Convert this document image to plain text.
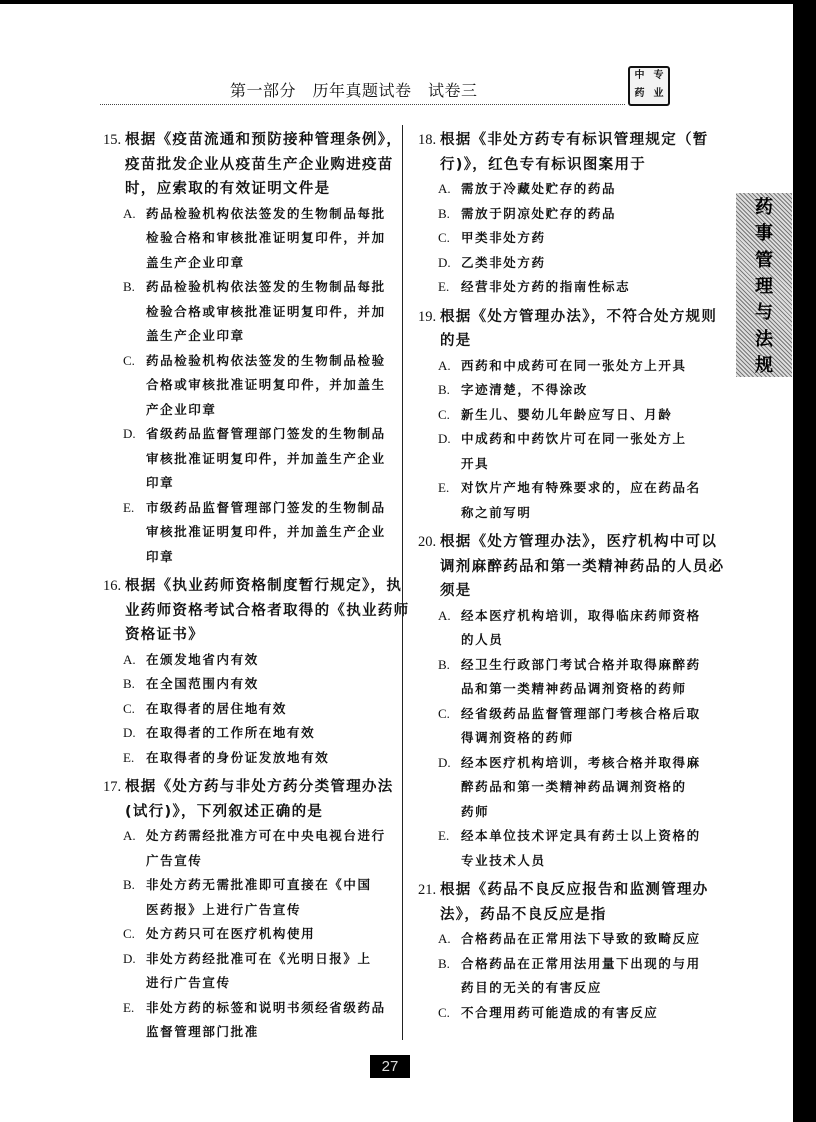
第一部分　历年真题试卷　试卷三
中 专
药 业
15. 根据《疫苗流通和预防接种管理条例》，
疫苗批发企业从疫苗生产企业购进疫苗
时，应索取的有效证明文件是
A. 药品检验机构依法签发的生物制品每批
检验合格和审核批准证明复印件，并加
盖生产企业印章
B. 药品检验机构依法签发的生物制品每批
检验合格或审核批准证明复印件，并加
盖生产企业印章
C. 药品检验机构依法签发的生物制品检验
合格或审核批准证明复印件，并加盖生
产企业印章
D. 省级药品监督管理部门签发的生物制品
审核批准证明复印件，并加盖生产企业
印章
E. 市级药品监督管理部门签发的生物制品
审核批准证明复印件，并加盖生产企业
印章
16. 根据《执业药师资格制度暂行规定》，执
业药师资格考试合格者取得的《执业药师
资格证书》
A. 在颁发地省内有效
B. 在全国范围内有效
C. 在取得者的居住地有效
D. 在取得者的工作所在地有效
E. 在取得者的身份证发放地有效
17. 根据《处方药与非处方药分类管理办法
(试行)》，下列叙述正确的是
A. 处方药需经批准方可在中央电视台进行
广告宣传
B. 非处方药无需批准即可直接在《中国
医药报》上进行广告宣传
C. 处方药只可在医疗机构使用
D. 非处方药经批准可在《光明日报》上
进行广告宣传
E. 非处方药的标签和说明书须经省级药品
监督管理部门批准
18. 根据《非处方药专有标识管理规定（暂
行)》，红色专有标识图案用于
A. 需放于冷藏处贮存的药品
B. 需放于阴凉处贮存的药品
C. 甲类非处方药
D. 乙类非处方药
E. 经营非处方药的指南性标志
19. 根据《处方管理办法》，不符合处方规则
的是
A. 西药和中成药可在同一张处方上开具
B. 字迹清楚，不得涂改
C. 新生儿、婴幼儿年龄应写日、月龄
D. 中成药和中药饮片可在同一张处方上
开具
E. 对饮片产地有特殊要求的，应在药品名
称之前写明
20. 根据《处方管理办法》，医疗机构中可以
调剂麻醉药品和第一类精神药品的人员必
须是
A. 经本医疗机构培训，取得临床药师资格
的人员
B. 经卫生行政部门考试合格并取得麻醉药
品和第一类精神药品调剂资格的药师
C. 经省级药品监督管理部门考核合格后取
得调剂资格的药师
D. 经本医疗机构培训，考核合格并取得麻
醉药品和第一类精神药品调剂资格的
药师
E. 经本单位技术评定具有药士以上资格的
专业技术人员
21. 根据《药品不良反应报告和监测管理办
法》，药品不良反应是指
A. 合格药品在正常用法下导致的致畸反应
B. 合格药品在正常用法用量下出现的与用
药目的无关的有害反应
C. 不合理用药可能造成的有害反应
药
事
管
理
与
法
规
27
